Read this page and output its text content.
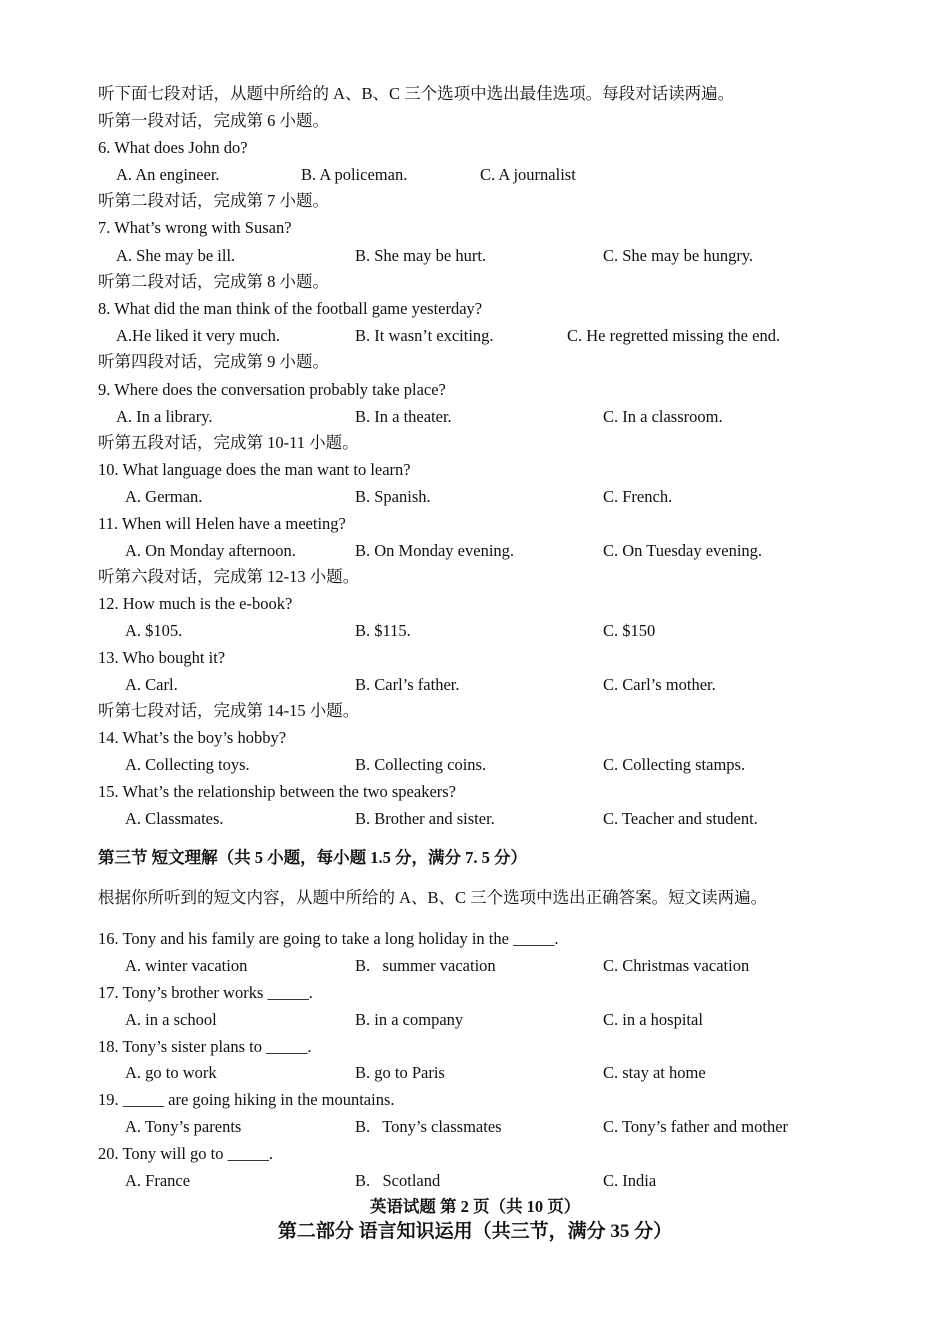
听下面七段对话，从题中所给的 A、B、C 三个选项中选出最佳选项。每段对话读两遍。
听第一段对话，完成第 6 小题。
6. What does John do?
A. An engineer.	B. A policeman.	C. A journalist
听第二段对话，完成第 7 小题。
7. What’s wrong with Susan?
A. She may be ill.	B. She may be hurt.	C. She may be hungry.
听第二段对话，完成第 8 小题。
8. What did the man think of the football game yesterday?
A.He liked it very much.	B. It wasn’t exciting.	C. He regretted missing the end.
听第四段对话，完成第 9 小题。
9. Where does the conversation probably take place?
A. In a library.	B. In a theater.	C. In a classroom.
听第五段对话，完成第 10-11 小题。
10. What language does the man want to learn?
A. German.	B. Spanish.	C. French.
11. When will Helen have a meeting?
A. On Monday afternoon.	B. On Monday evening.	C. On Tuesday evening.
听第六段对话，完成第 12-13 小题。
12. How much is the e-book?
A. $105.	B. $115.	C. $150
13. Who bought it?
A. Carl.	B. Carl’s father.	C. Carl’s mother.
听第七段对话，完成第 14-15 小题。
14. What’s the boy’s hobby?
A. Collecting toys.	B. Collecting coins.	C. Collecting stamps.
15. What’s the relationship between the two speakers?
A. Classmates.	B. Brother and sister.	C. Teacher and student.
第三节 短文理解（共 5 小题，每小题 1.5 分，满分 7. 5 分）
根据你所听到的短文内容，从题中所给的 A、B、C 三个选项中选出正确答案。短文读两遍。
16. Tony and his family are going to take a long holiday in the _____.
A. winter vacation	B.   summer vacation	C. Christmas vacation
17. Tony’s brother works _____.
A. in a school	B. in a company	C. in a hospital
18. Tony’s sister plans to _____.
A. go to work	B. go to Paris	C. stay at home
19. _____ are going hiking in the mountains.
A. Tony’s parents	B.   Tony’s classmates	C. Tony’s father and mother
20. Tony will go to _____.
A. France	B.   Scotland	C. India
英语试题 第 2 页（共 10 页）
第二部分 语言知识运用（共三节，满分 35 分）
